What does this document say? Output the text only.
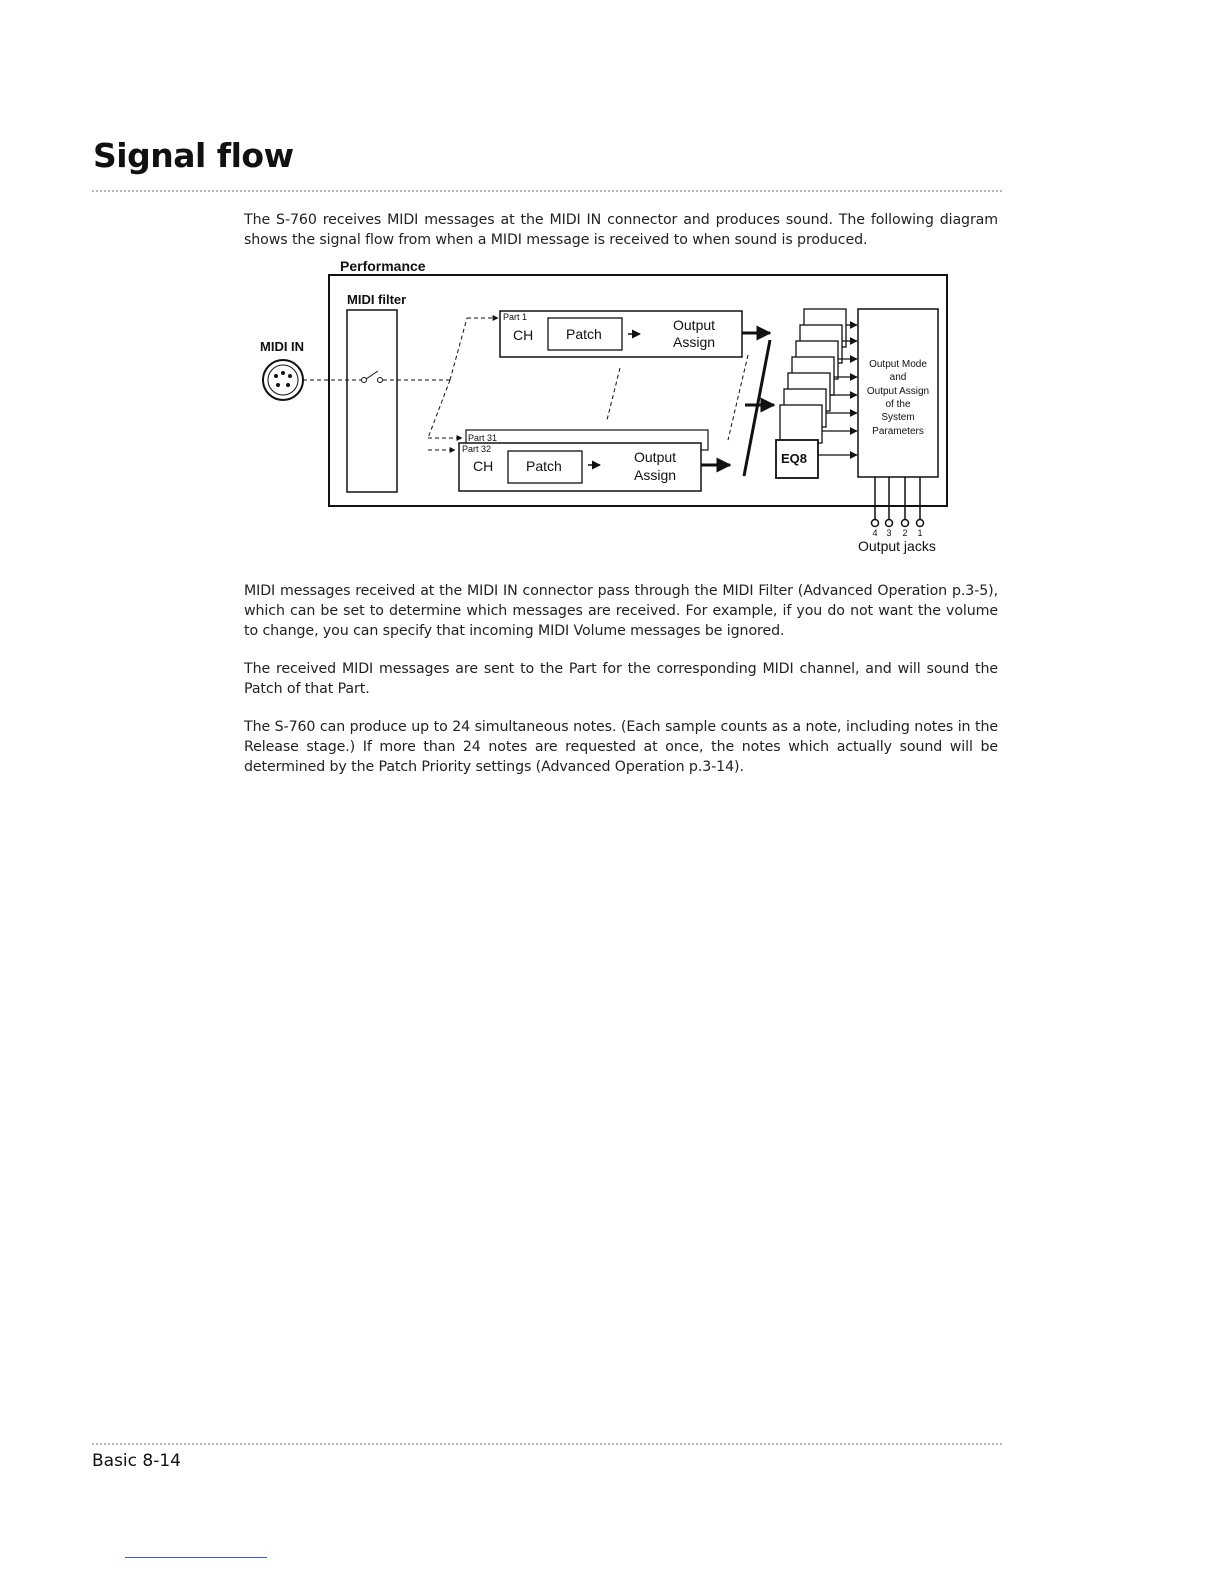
Signal flow

The S-760 receives MIDI messages at the MIDI IN connector and produces sound. The following diagram shows the signal flow from when a MIDI message is received to when sound is produced.

Performance
MIDI filter
MIDI IN
Part 1
CH Patch
Output
Assign
Part 31
Part 32
CH Patch
Output
Assign
EQ8
Output Mode
and
Output Assign
of the
System
Parameters
4 3 2 1
Output jacks

MIDI messages received at the MIDI IN connector pass through the MIDI Filter (Advanced Operation p.3-5), which can be set to determine which messages are received. For example, if you do not want the volume to change, you can specify that incoming MIDI Volume messages be ignored.

The received MIDI messages are sent to the Part for the corresponding MIDI channel, and will sound the Patch of that Part.

The S-760 can produce up to 24 simultaneous notes. (Each sample counts as a note, including notes in the Release stage.) If more than 24 notes are requested at once, the notes which actually sound will be determined by the Patch Priority settings (Advanced Operation p.3-14).

Basic 8-14
